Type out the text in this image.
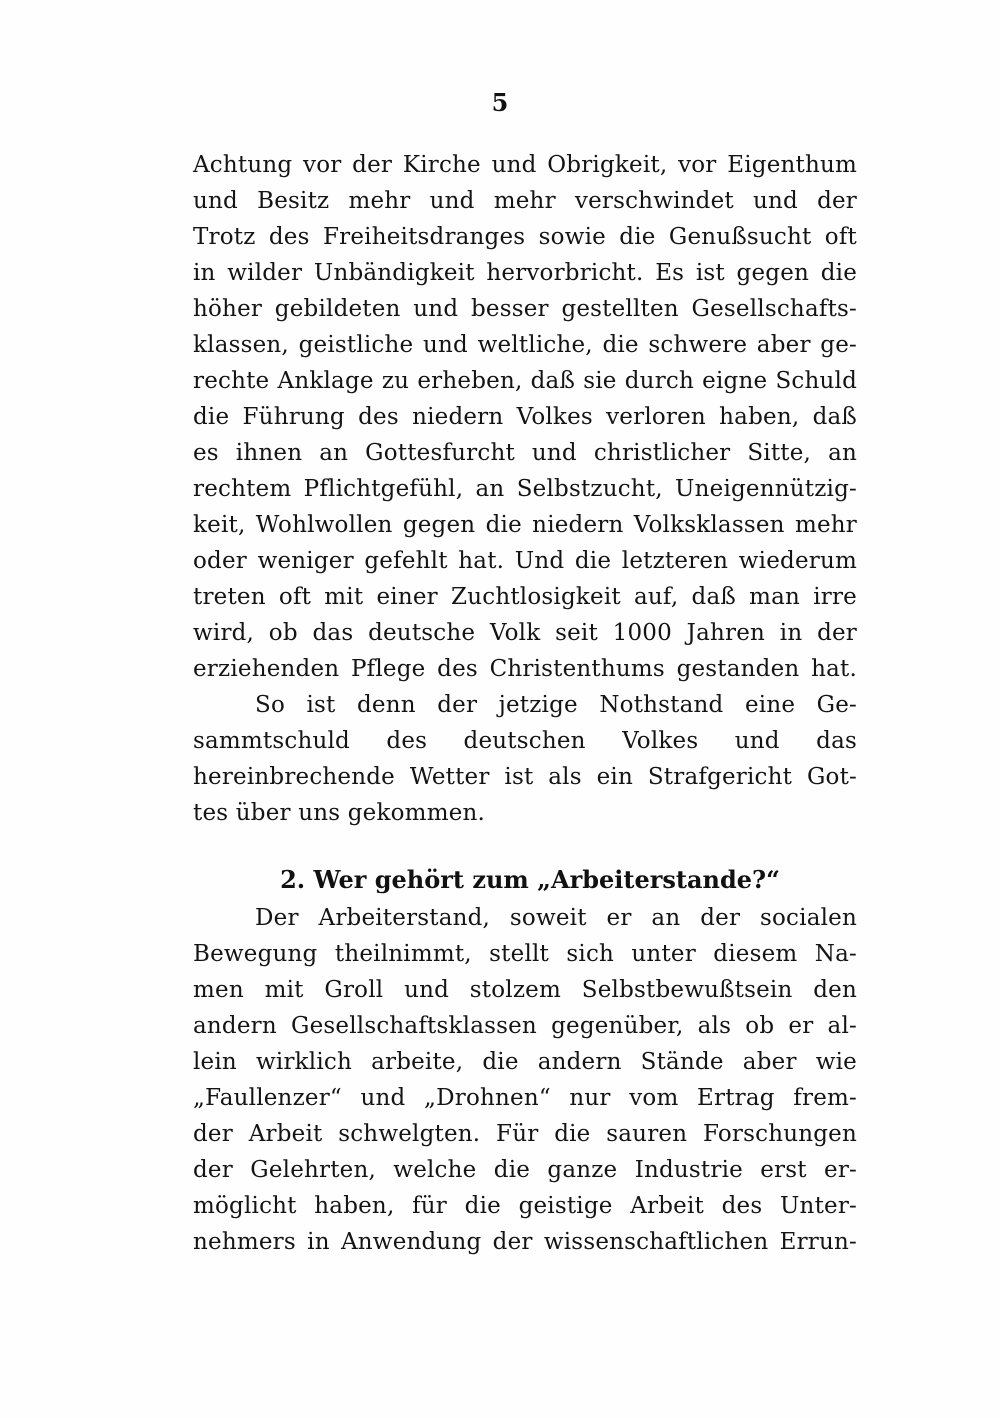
5
Achtung vor der Kirche und Obrigkeit, vor Eigenthum
und Besitz mehr und mehr verschwindet und der
Trotz des Freiheitsdranges sowie die Genußsucht oft
in wilder Unbändigkeit hervorbricht. Es ist gegen die
höher gebildeten und besser gestellten Gesellschafts-
klassen, geistliche und weltliche, die schwere aber ge-
rechte Anklage zu erheben, daß sie durch eigne Schuld
die Führung des niedern Volkes verloren haben, daß
es ihnen an Gottesfurcht und christlicher Sitte, an
rechtem Pflichtgefühl, an Selbstzucht, Uneigennützig-
keit, Wohlwollen gegen die niedern Volksklassen mehr
oder weniger gefehlt hat. Und die letzteren wiederum
treten oft mit einer Zuchtlosigkeit auf, daß man irre
wird, ob das deutsche Volk seit 1000 Jahren in der
erziehenden Pflege des Christenthums gestanden hat.
So ist denn der jetzige Nothstand eine Ge-
sammtschuld des deutschen Volkes und das
hereinbrechende Wetter ist als ein Strafgericht Got-
tes über uns gekommen.
2. Wer gehört zum „Arbeiterstande?“
Der Arbeiterstand, soweit er an der socialen
Bewegung theilnimmt, stellt sich unter diesem Na-
men mit Groll und stolzem Selbstbewußtsein den
andern Gesellschaftsklassen gegenüber, als ob er al-
lein wirklich arbeite, die andern Stände aber wie
„Faullenzer“ und „Drohnen“ nur vom Ertrag frem-
der Arbeit schwelgten. Für die sauren Forschungen
der Gelehrten, welche die ganze Industrie erst er-
möglicht haben, für die geistige Arbeit des Unter-
nehmers in Anwendung der wissenschaftlichen Errun-
